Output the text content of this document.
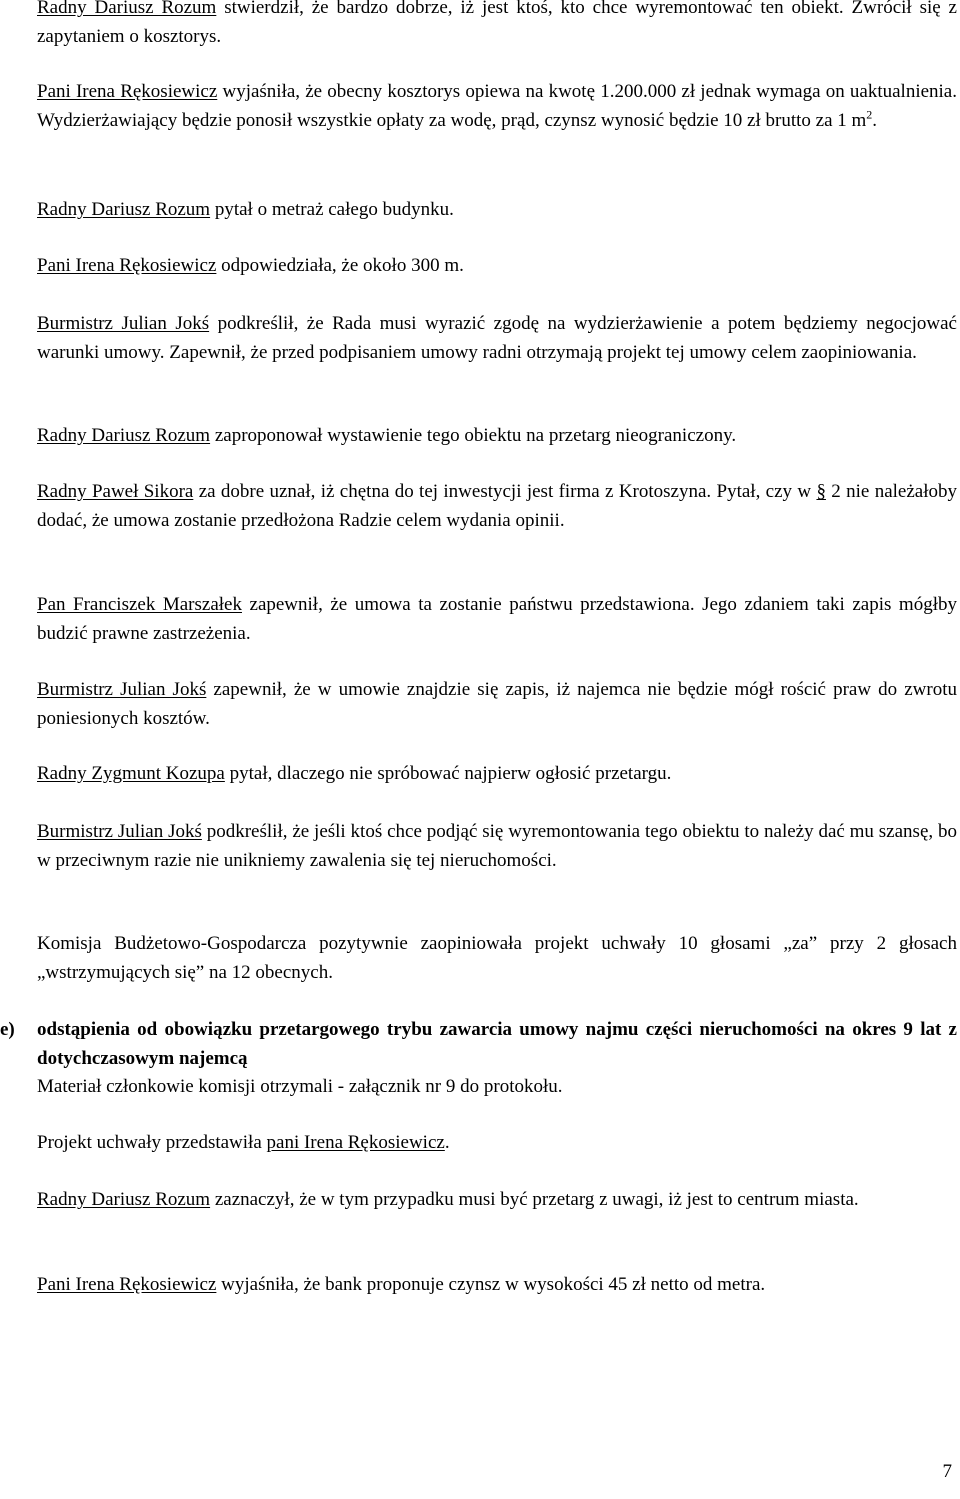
Radny Dariusz Rozum stwierdził, że bardzo dobrze, iż jest ktoś, kto chce wyremontować ten obiekt. Zwrócił się z zapytaniem o kosztorys.

Pani Irena Rękosiewicz wyjaśniła, że obecny kosztorys opiewa na kwotę 1.200.000 zł jednak wymaga on uaktualnienia. Wydzierżawiający będzie ponosił wszystkie opłaty za wodę, prąd, czynsz wynosić będzie 10 zł brutto za 1 $m^2$.

Radny Dariusz Rozum pytał o metraż całego budynku.

Pani Irena Rękosiewicz odpowiedziała, że około 300 m.

Burmistrz Julian Jokś podkreślił, że Rada musi wyrazić zgodę na wydzierżawienie a potem będziemy negocjować warunki umowy. Zapewnił, że przed podpisaniem umowy radni otrzymają projekt tej umowy celem zaopiniowania.

Radny Dariusz Rozum zaproponował wystawienie tego obiektu na przetarg nieograniczony.

Radny Paweł Sikora za dobre uznał, iż chętna do tej inwestycji jest firma z Krotoszyna. Pytał, czy w § 2 nie należałoby dodać, że umowa zostanie przedłożona Radzie celem wydania opinii.

Pan Franciszek Marszałek zapewnił, że umowa ta zostanie państwu przedstawiona. Jego zdaniem taki zapis mógłby budzić prawne zastrzeżenia.

Burmistrz Julian Jokś zapewnił, że w umowie znajdzie się zapis, iż najemca nie będzie mógł rościć praw do zwrotu poniesionych kosztów.

Radny Zygmunt Kozupa pytał, dlaczego nie spróbować najpierw ogłosić przetargu.

Burmistrz Julian Jokś podkreślił, że jeśli ktoś chce podjąć się wyremontowania tego obiektu to należy dać mu szansę, bo w przeciwnym razie nie unikniemy zawalenia się tej nieruchomości.

Komisja Budżetowo-Gospodarcza pozytywnie zaopiniowała projekt uchwały 10 głosami „za” przy 2 głosach „wstrzymujących się” na 12 obecnych.

e) odstąpienia od obowiązku przetargowego trybu zawarcia umowy najmu części nieruchomości na okres 9 lat z dotychczasowym najemcą
Materiał członkowie komisji otrzymali - załącznik nr 9 do protokołu.

Projekt uchwały przedstawiła pani Irena Rękosiewicz.

Radny Dariusz Rozum zaznaczył, że w tym przypadku musi być przetarg z uwagi, iż jest to centrum miasta.

Pani Irena Rękosiewicz wyjaśniła, że bank proponuje czynsz w wysokości 45 zł netto od metra.

7
